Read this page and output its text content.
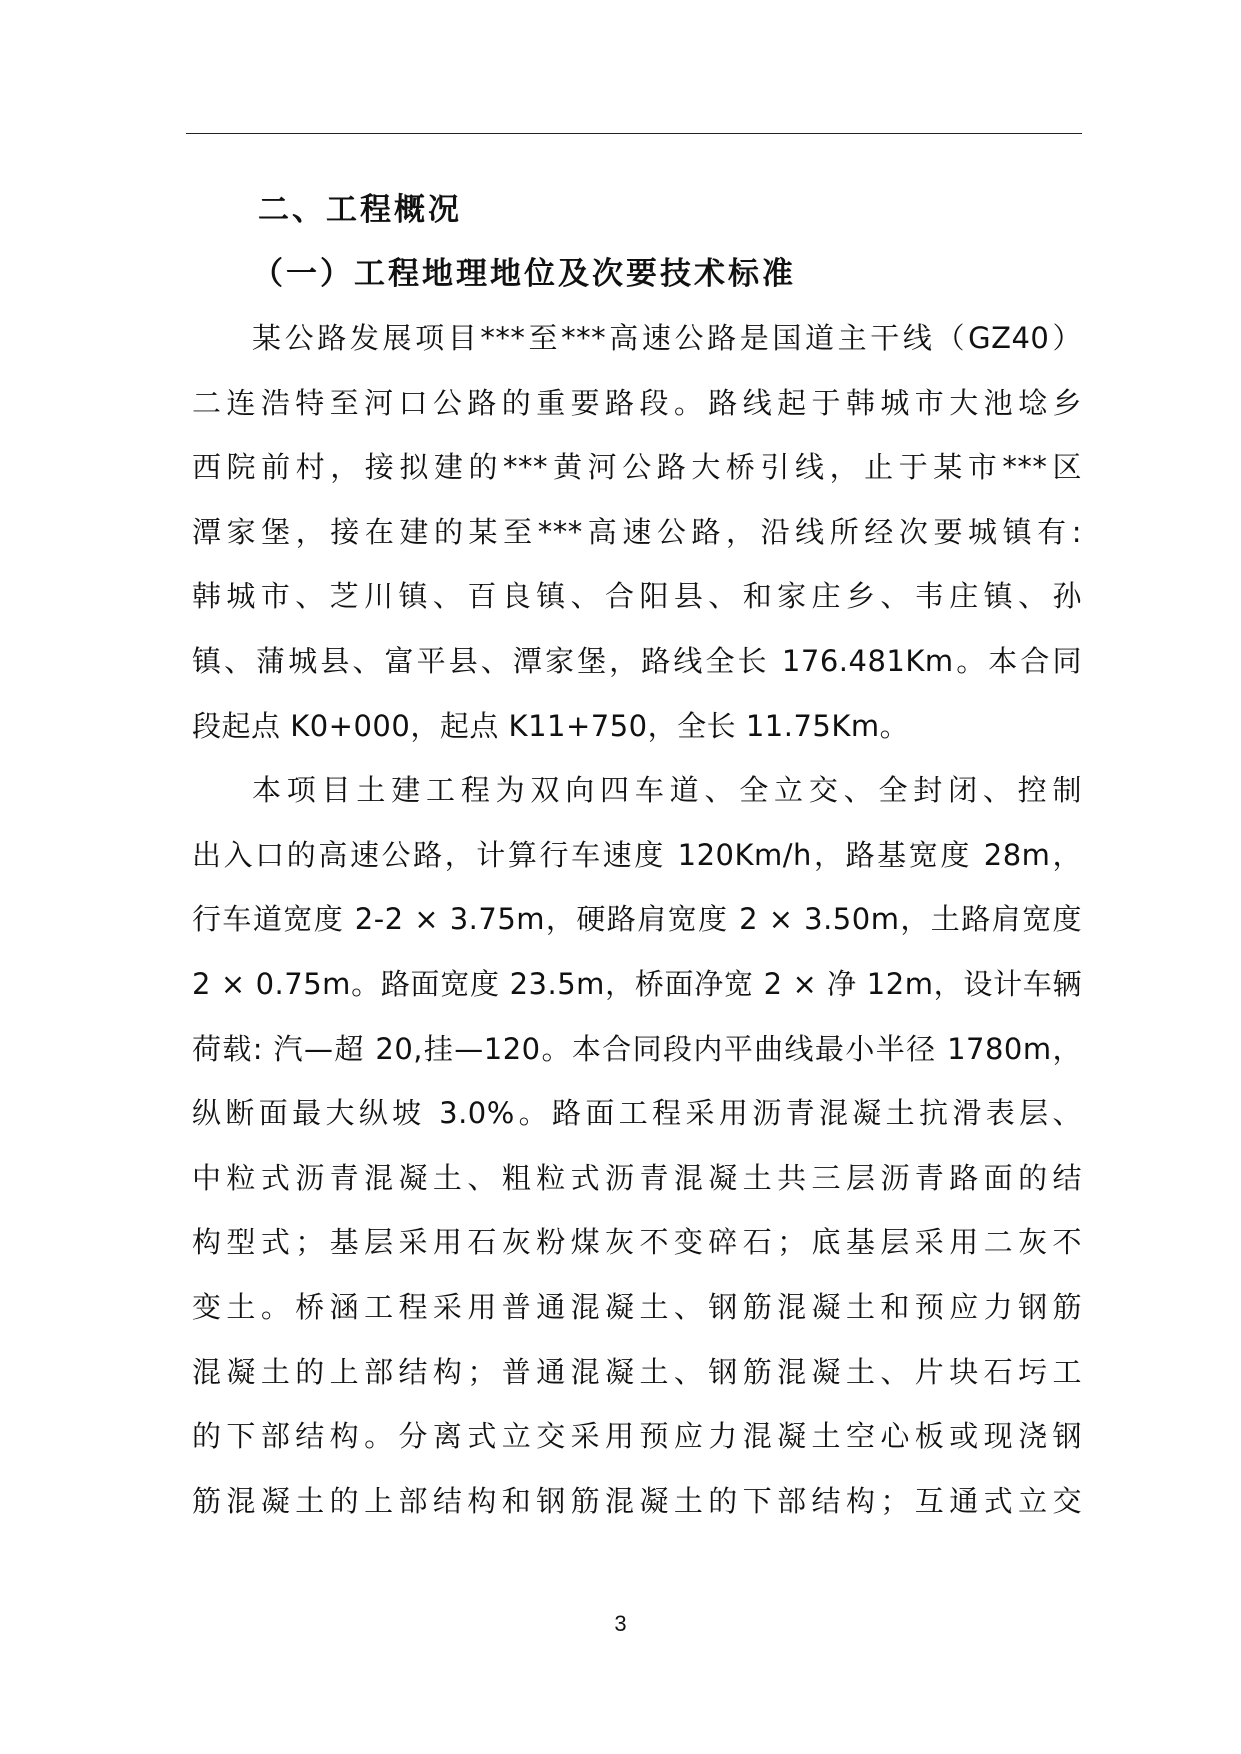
二、工程概况
（一）工程地理地位及次要技术标准
某公路发展项目***至***高速公路是国道主干线（GZ40）
二连浩特至河口公路的重要路段。路线起于韩城市大池埝乡
西院前村，接拟建的***黄河公路大桥引线，止于某市***区
潭家堡，接在建的某至***高速公路，沿线所经次要城镇有:
韩城市、芝川镇、百良镇、合阳县、和家庄乡、韦庄镇、孙
镇、蒲城县、富平县、潭家堡，路线全长 176.481Km。本合同
段起点 K0+000，起点 K11+750，全长 11.75Km。
本项目土建工程为双向四车道、全立交、全封闭、控制
出入口的高速公路，计算行车速度 120Km/h，路基宽度 28m，
行车道宽度 2-2 × 3.75m，硬路肩宽度 2 × 3.50m，土路肩宽度
2 × 0.75m。路面宽度 23.5m，桥面净宽 2 × 净 12m，设计车辆
荷载: 汽—超 20,挂—120。本合同段内平曲线最小半径 1780m，
纵断面最大纵坡 3.0%。路面工程采用沥青混凝土抗滑表层、
中粒式沥青混凝土、粗粒式沥青混凝土共三层沥青路面的结
构型式；基层采用石灰粉煤灰不变碎石；底基层采用二灰不
变土。桥涵工程采用普通混凝土、钢筋混凝土和预应力钢筋
混凝土的上部结构；普通混凝土、钢筋混凝土、片块石圬工
的下部结构。分离式立交采用预应力混凝土空心板或现浇钢
筋混凝土的上部结构和钢筋混凝土的下部结构；互通式立交
3
